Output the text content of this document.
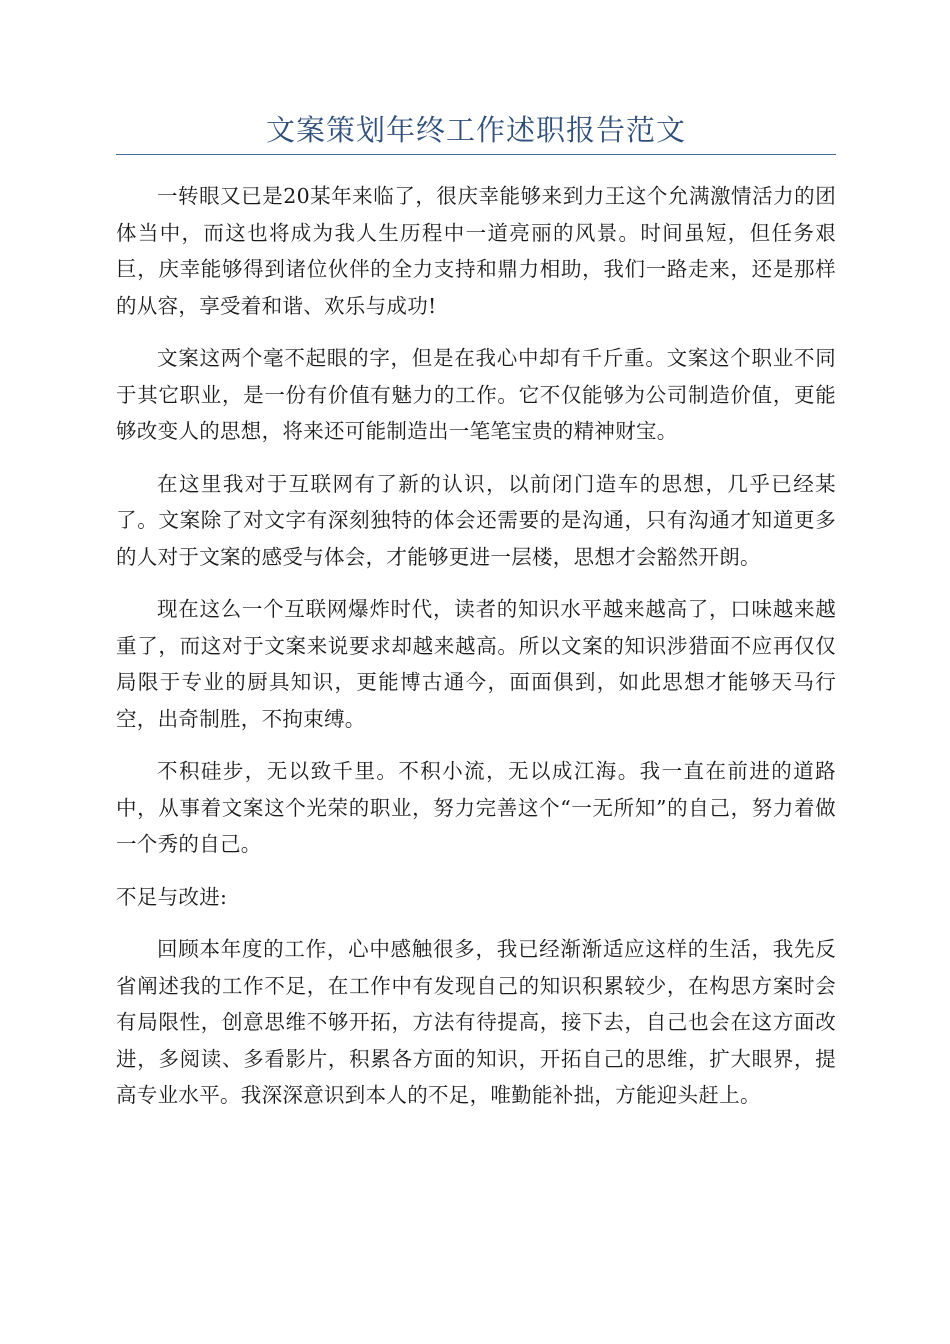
文案策划年终工作述职报告范文

一转眼又已是20某年来临了，很庆幸能够来到力王这个允满激情活力的团体当中，而这也将成为我人生历程中一道亮丽的风景。时间虽短，但任务艰巨，庆幸能够得到诸位伙伴的全力支持和鼎力相助，我们一路走来，还是那样的从容，享受着和谐、欢乐与成功!

文案这两个毫不起眼的字，但是在我心中却有千斤重。文案这个职业不同于其它职业，是一份有价值有魅力的工作。它不仅能够为公司制造价值，更能够改变人的思想，将来还可能制造出一笔笔宝贵的精神财宝。

在这里我对于互联网有了新的认识，以前闭门造车的思想，几乎已经某了。文案除了对文字有深刻独特的体会还需要的是沟通，只有沟通才知道更多的人对于文案的感受与体会，才能够更进一层楼，思想才会豁然开朗。

现在这么一个互联网爆炸时代，读者的知识水平越来越高了，口味越来越重了，而这对于文案来说要求却越来越高。所以文案的知识涉猎面不应再仅仅局限于专业的厨具知识，更能博古通今，面面俱到，如此思想才能够天马行空，出奇制胜，不拘束缚。

不积硅步，无以致千里。不积小流，无以成江海。我一直在前进的道路中，从事着文案这个光荣的职业，努力完善这个“一无所知”的自己，努力着做一个秀的自己。

不足与改进:

回顾本年度的工作，心中感触很多，我已经渐渐适应这样的生活，我先反省阐述我的工作不足，在工作中有发现自己的知识积累较少，在构思方案时会有局限性，创意思维不够开拓，方法有待提高，接下去，自己也会在这方面改进，多阅读、多看影片，积累各方面的知识，开拓自己的思维，扩大眼界，提高专业水平。我深深意识到本人的不足，唯勤能补拙，方能迎头赶上。
